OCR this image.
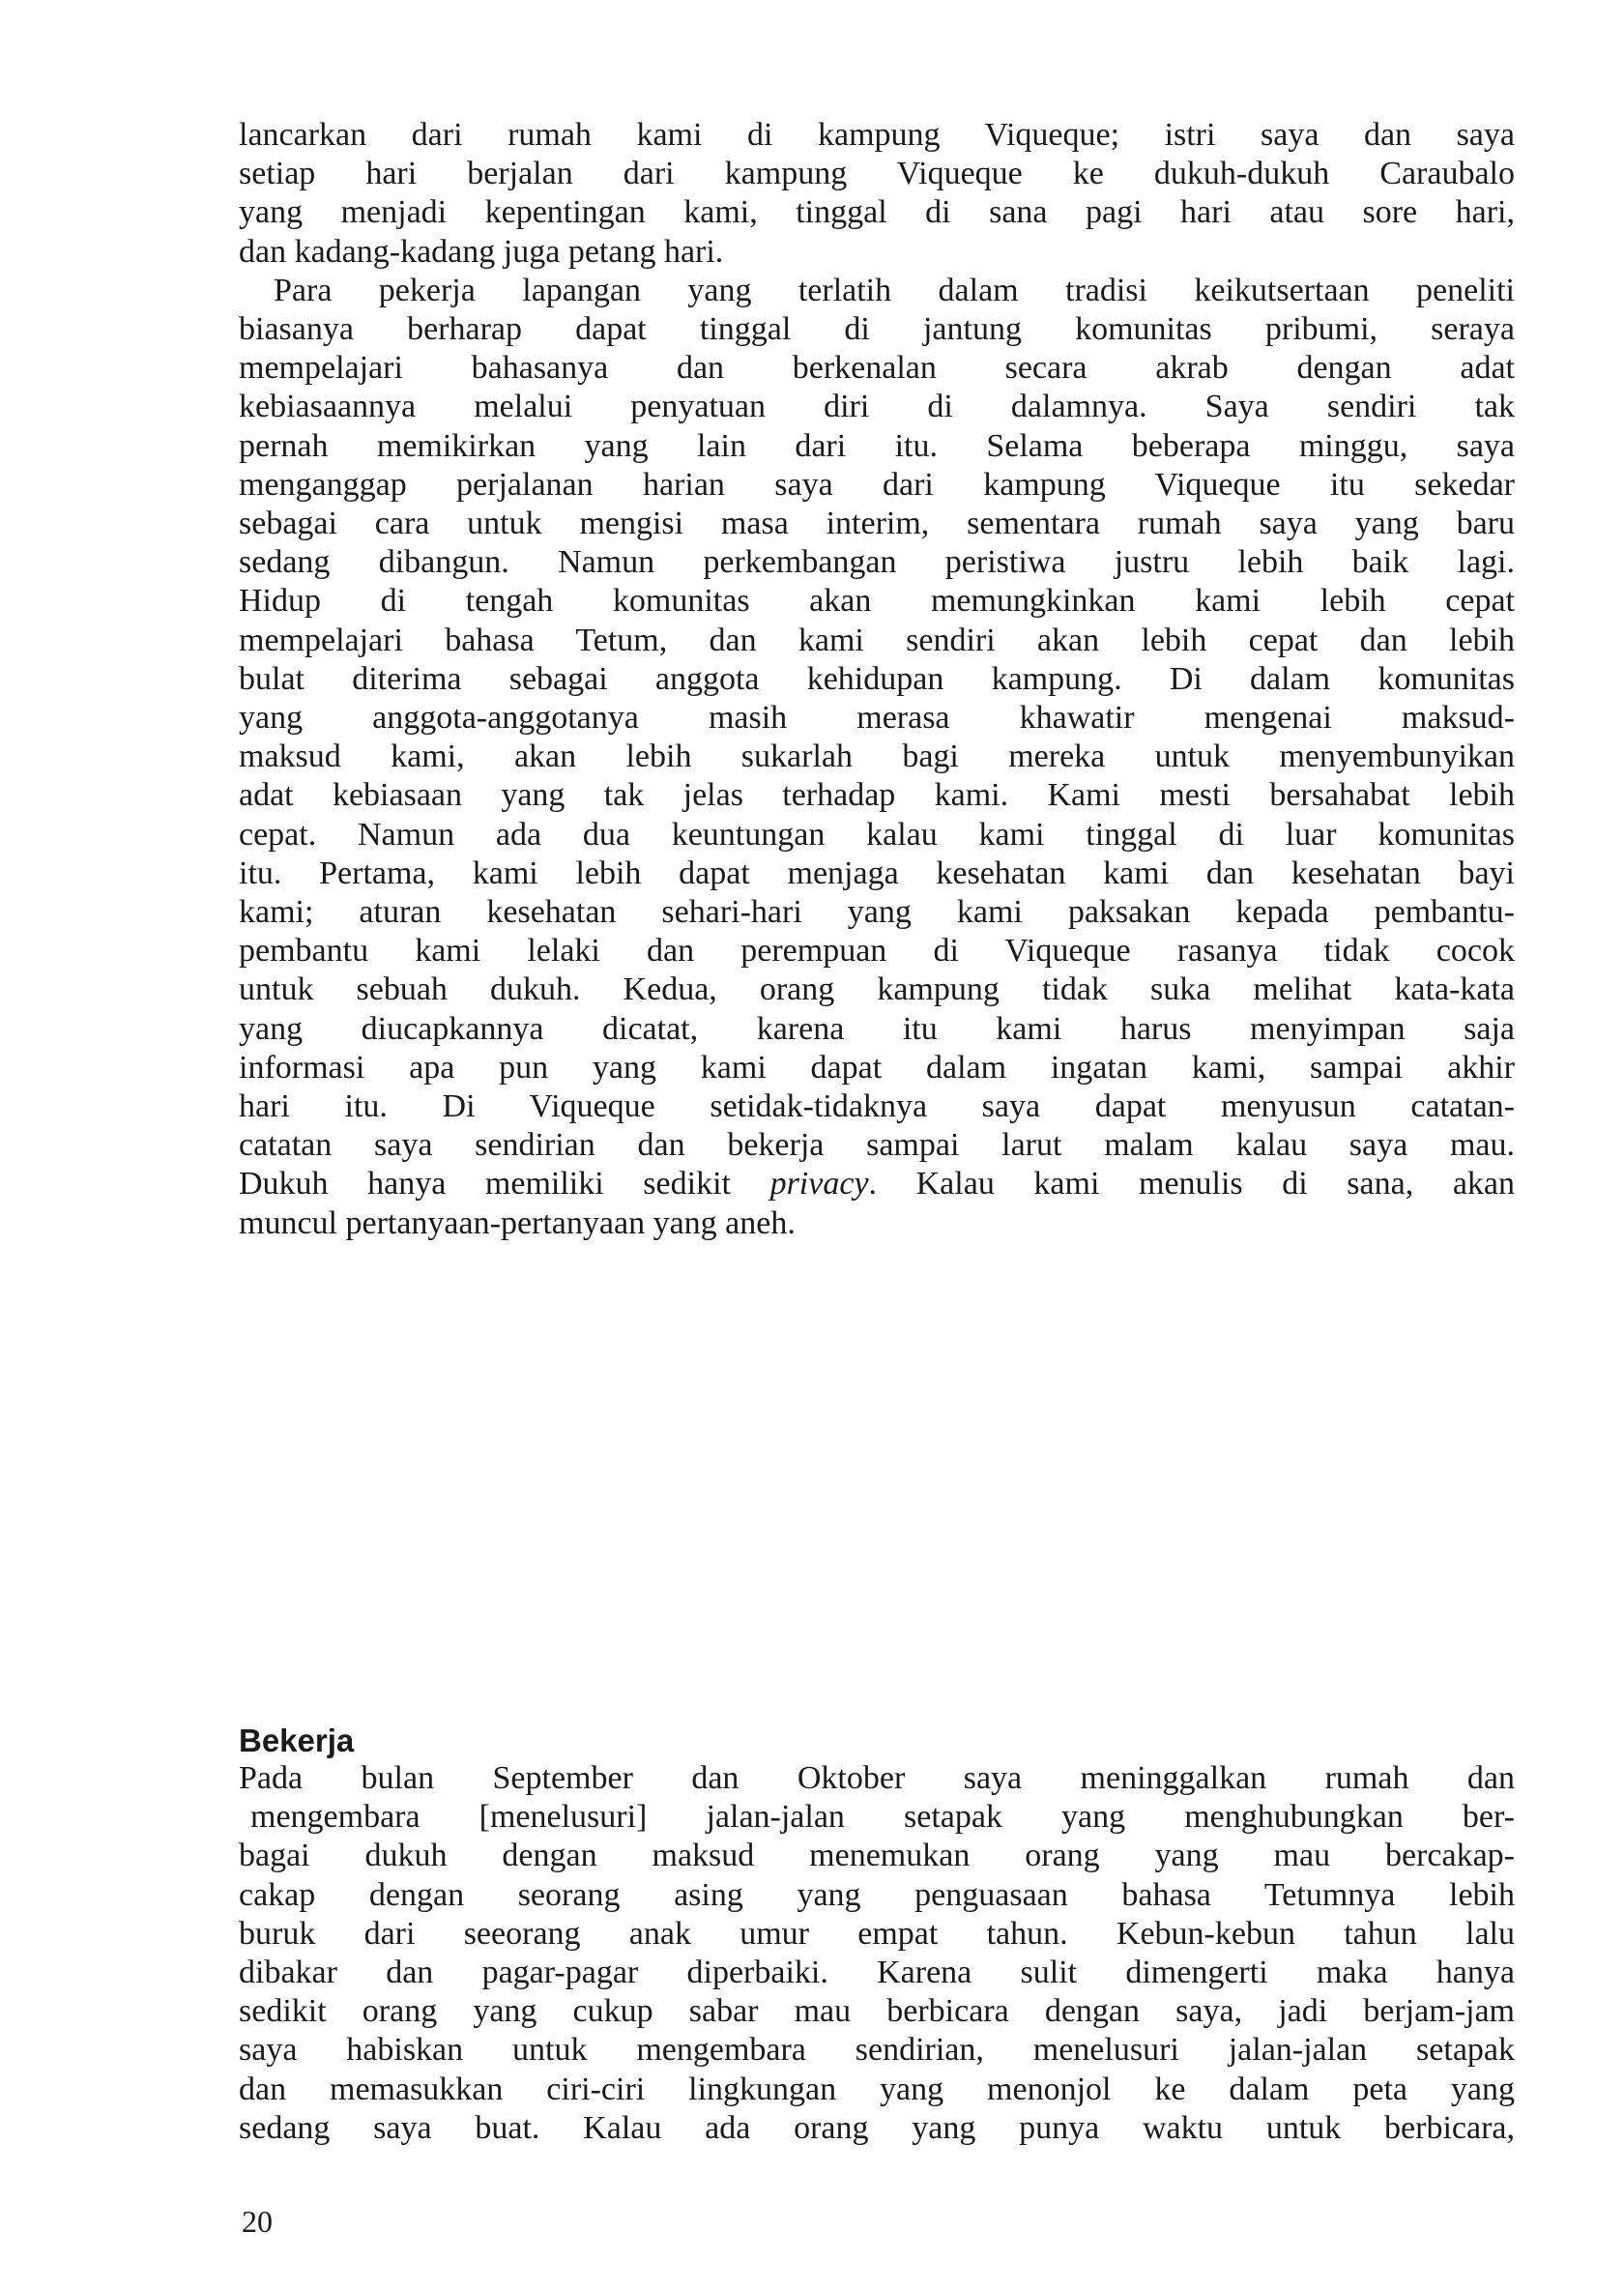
lancarkan dari rumah kami di kampung Viqueque; istri saya dan saya
setiap hari berjalan dari kampung Viqueque ke dukuh-dukuh Caraubalo
yang menjadi kepentingan kami, tinggal di sana pagi hari atau sore hari,
dan kadang-kadang juga petang hari.
Para pekerja lapangan yang terlatih dalam tradisi keikutsertaan peneliti
biasanya berharap dapat tinggal di jantung komunitas pribumi, seraya
mempelajari bahasanya dan berkenalan secara akrab dengan adat
kebiasaannya melalui penyatuan diri di dalamnya. Saya sendiri tak
pernah memikirkan yang lain dari itu. Selama beberapa minggu, saya
menganggap perjalanan harian saya dari kampung Viqueque itu sekedar
sebagai cara untuk mengisi masa interim, sementara rumah saya yang baru
sedang dibangun. Namun perkembangan peristiwa justru lebih baik lagi.
Hidup di tengah komunitas akan memungkinkan kami lebih cepat
mempelajari bahasa Tetum, dan kami sendiri akan lebih cepat dan lebih
bulat diterima sebagai anggota kehidupan kampung. Di dalam komunitas
yang anggota-anggotanya masih merasa khawatir mengenai maksud-
maksud kami, akan lebih sukarlah bagi mereka untuk menyembunyikan
adat kebiasaan yang tak jelas terhadap kami. Kami mesti bersahabat lebih
cepat. Namun ada dua keuntungan kalau kami tinggal di luar komunitas
itu. Pertama, kami lebih dapat menjaga kesehatan kami dan kesehatan bayi
kami; aturan kesehatan sehari-hari yang kami paksakan kepada pembantu-
pembantu kami lelaki dan perempuan di Viqueque rasanya tidak cocok
untuk sebuah dukuh. Kedua, orang kampung tidak suka melihat kata-kata
yang diucapkannya dicatat, karena itu kami harus menyimpan saja
informasi apa pun yang kami dapat dalam ingatan kami, sampai akhir
hari itu. Di Viqueque setidak-tidaknya saya dapat menyusun catatan-
catatan saya sendirian dan bekerja sampai larut malam kalau saya mau.
Dukuh hanya memiliki sedikit privacy. Kalau kami menulis di sana, akan
muncul pertanyaan-pertanyaan yang aneh.
Bekerja
Pada bulan September dan Oktober saya meninggalkan rumah dan
mengembara [menelusuri] jalan-jalan setapak yang menghubungkan ber-
bagai dukuh dengan maksud menemukan orang yang mau bercakap-
cakap dengan seorang asing yang penguasaan bahasa Tetumnya lebih
buruk dari seeorang anak umur empat tahun. Kebun-kebun tahun lalu
dibakar dan pagar-pagar diperbaiki. Karena sulit dimengerti maka hanya
sedikit orang yang cukup sabar mau berbicara dengan saya, jadi berjam-jam
saya habiskan untuk mengembara sendirian, menelusuri jalan-jalan setapak
dan memasukkan ciri-ciri lingkungan yang menonjol ke dalam peta yang
sedang saya buat. Kalau ada orang yang punya waktu untuk berbicara,
20
